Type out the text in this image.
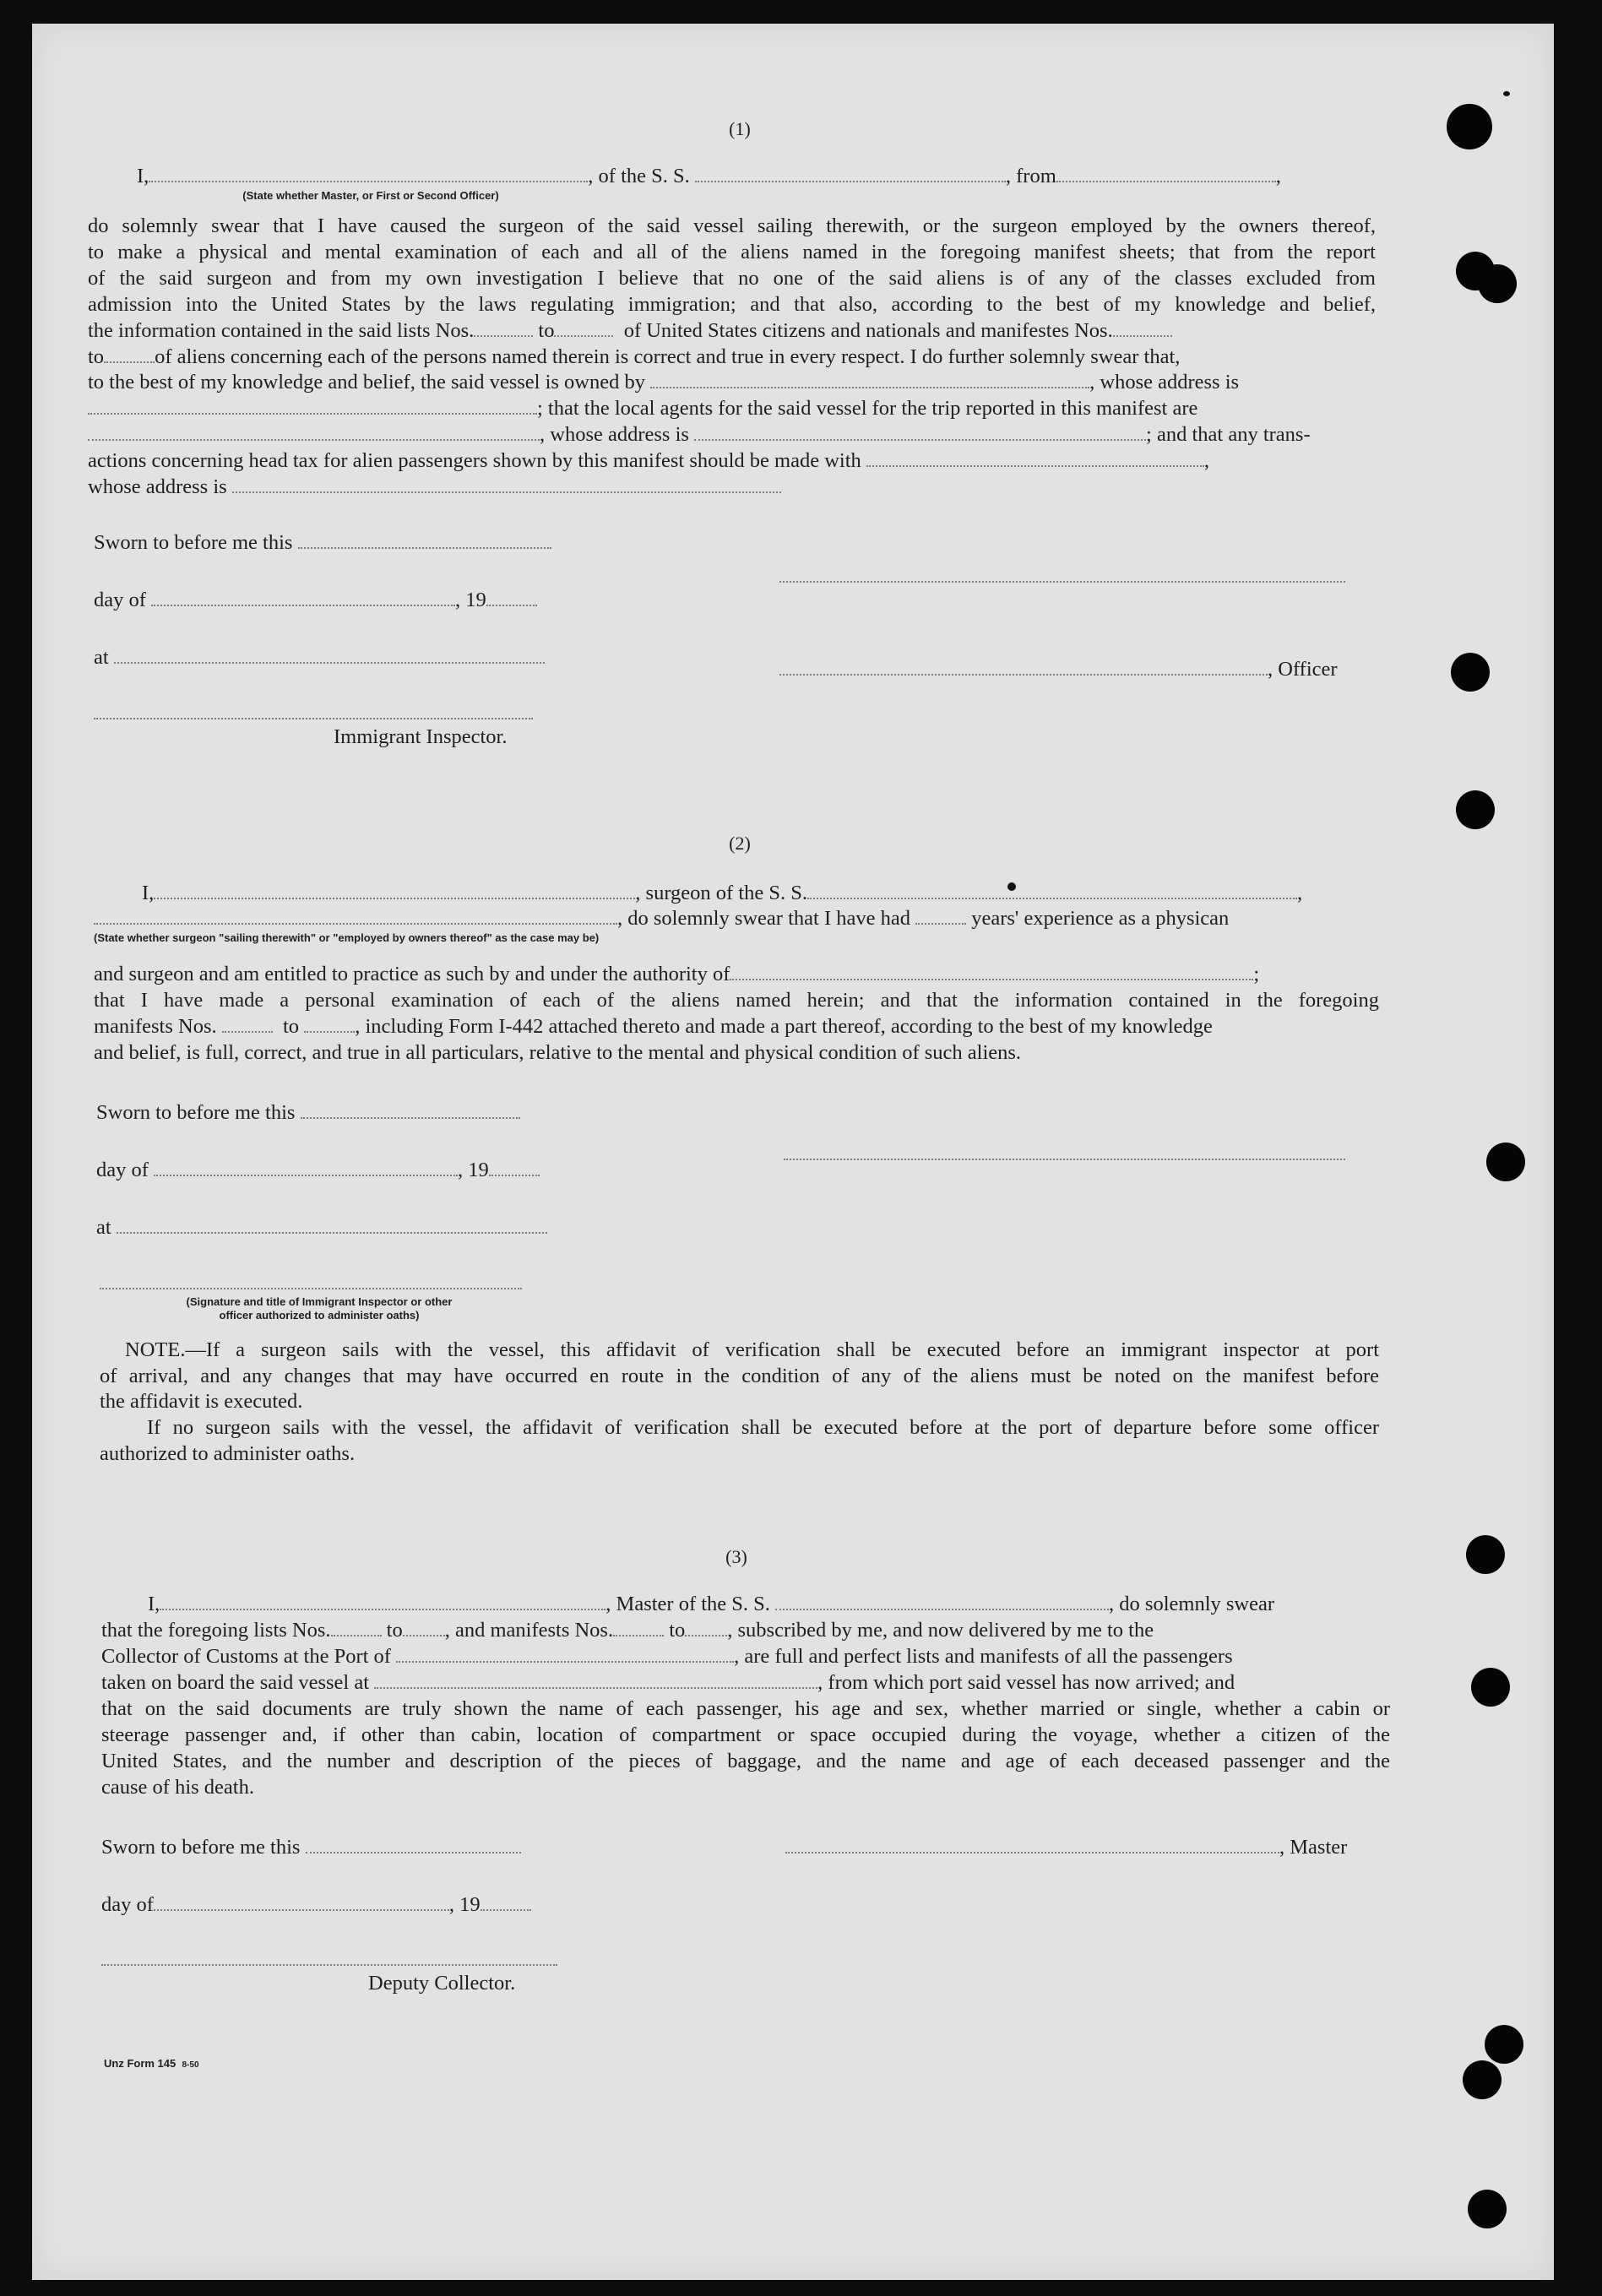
(1)
I,	, of the S. S.	, from	,
(State whether Master, or First or Second Officer)
do solemnly swear that I have caused the surgeon of the said vessel sailing therewith, or the surgeon employed by the owners thereof,
to make a physical and mental examination of each and all of the aliens named in the foregoing manifest sheets; that from the report
of the said surgeon and from my own investigation I believe that no one of the said aliens is of any of the classes excluded from
admission into the United States by the laws regulating immigration; and that also, according to the best of my knowledge and belief,
the information contained in the said lists Nos.	to	of United States citizens and nationals and manifestes Nos.
to of aliens concerning each of the persons named therein is correct and true in every respect. I do further solemnly swear that,
to the best of my knowledge and belief, the said vessel is owned by	, whose address is
; that the local agents for the said vessel for the trip reported in this manifest are
, whose address is	; and that any trans-
actions concerning head tax for alien passengers shown by this manifest should be made with	,
whose address is
Sworn to before me this
day of	, 19
at
, Officer
Immigrant Inspector.
(2)
I,	, surgeon of the S. S.	,
, do solemnly swear that I have had	years' experience as a physican
(State whether surgeon "sailing therewith" or "employed by owners thereof" as the case may be)
and surgeon and am entitled to practice as such by and under the authority of	;
that I have made a personal examination of each of the aliens named herein; and that the information contained in the foregoing
manifests Nos.	to	, including Form I-442 attached thereto and made a part thereof, according to the best of my knowledge
and belief, is full, correct, and true in all particulars, relative to the mental and physical condition of such aliens.
Sworn to before me this
day of	, 19
at
(Signature and title of Immigrant Inspector or other
officer authorized to administer oaths)
NOTE.—If a surgeon sails with the vessel, this affidavit of verification shall be executed before an immigrant inspector at port
of arrival, and any changes that may have occurred en route in the condition of any of the aliens must be noted on the manifest before
the affidavit is executed.
If no surgeon sails with the vessel, the affidavit of verification shall be executed before at the port of departure before some officer
authorized to administer oaths.
(3)
I,	, Master of the S. S.	, do solemnly swear
that the foregoing lists Nos.	to , and manifests Nos.	to , subscribed by me, and now delivered by me to the
Collector of Customs at the Port of	, are full and perfect lists and manifests of all the passengers
taken on board the said vessel at	, from which port said vessel has now arrived; and
that on the said documents are truly shown the name of each passenger, his age and sex, whether married or single, whether a cabin or
steerage passenger and, if other than cabin, location of compartment or space occupied during the voyage, whether a citizen of the
United States, and the number and description of the pieces of baggage, and the name and age of each deceased passenger and the
cause of his death.
Sworn to before me this	, Master
day of	, 19
Deputy Collector.
Unz Form 145 8-50
